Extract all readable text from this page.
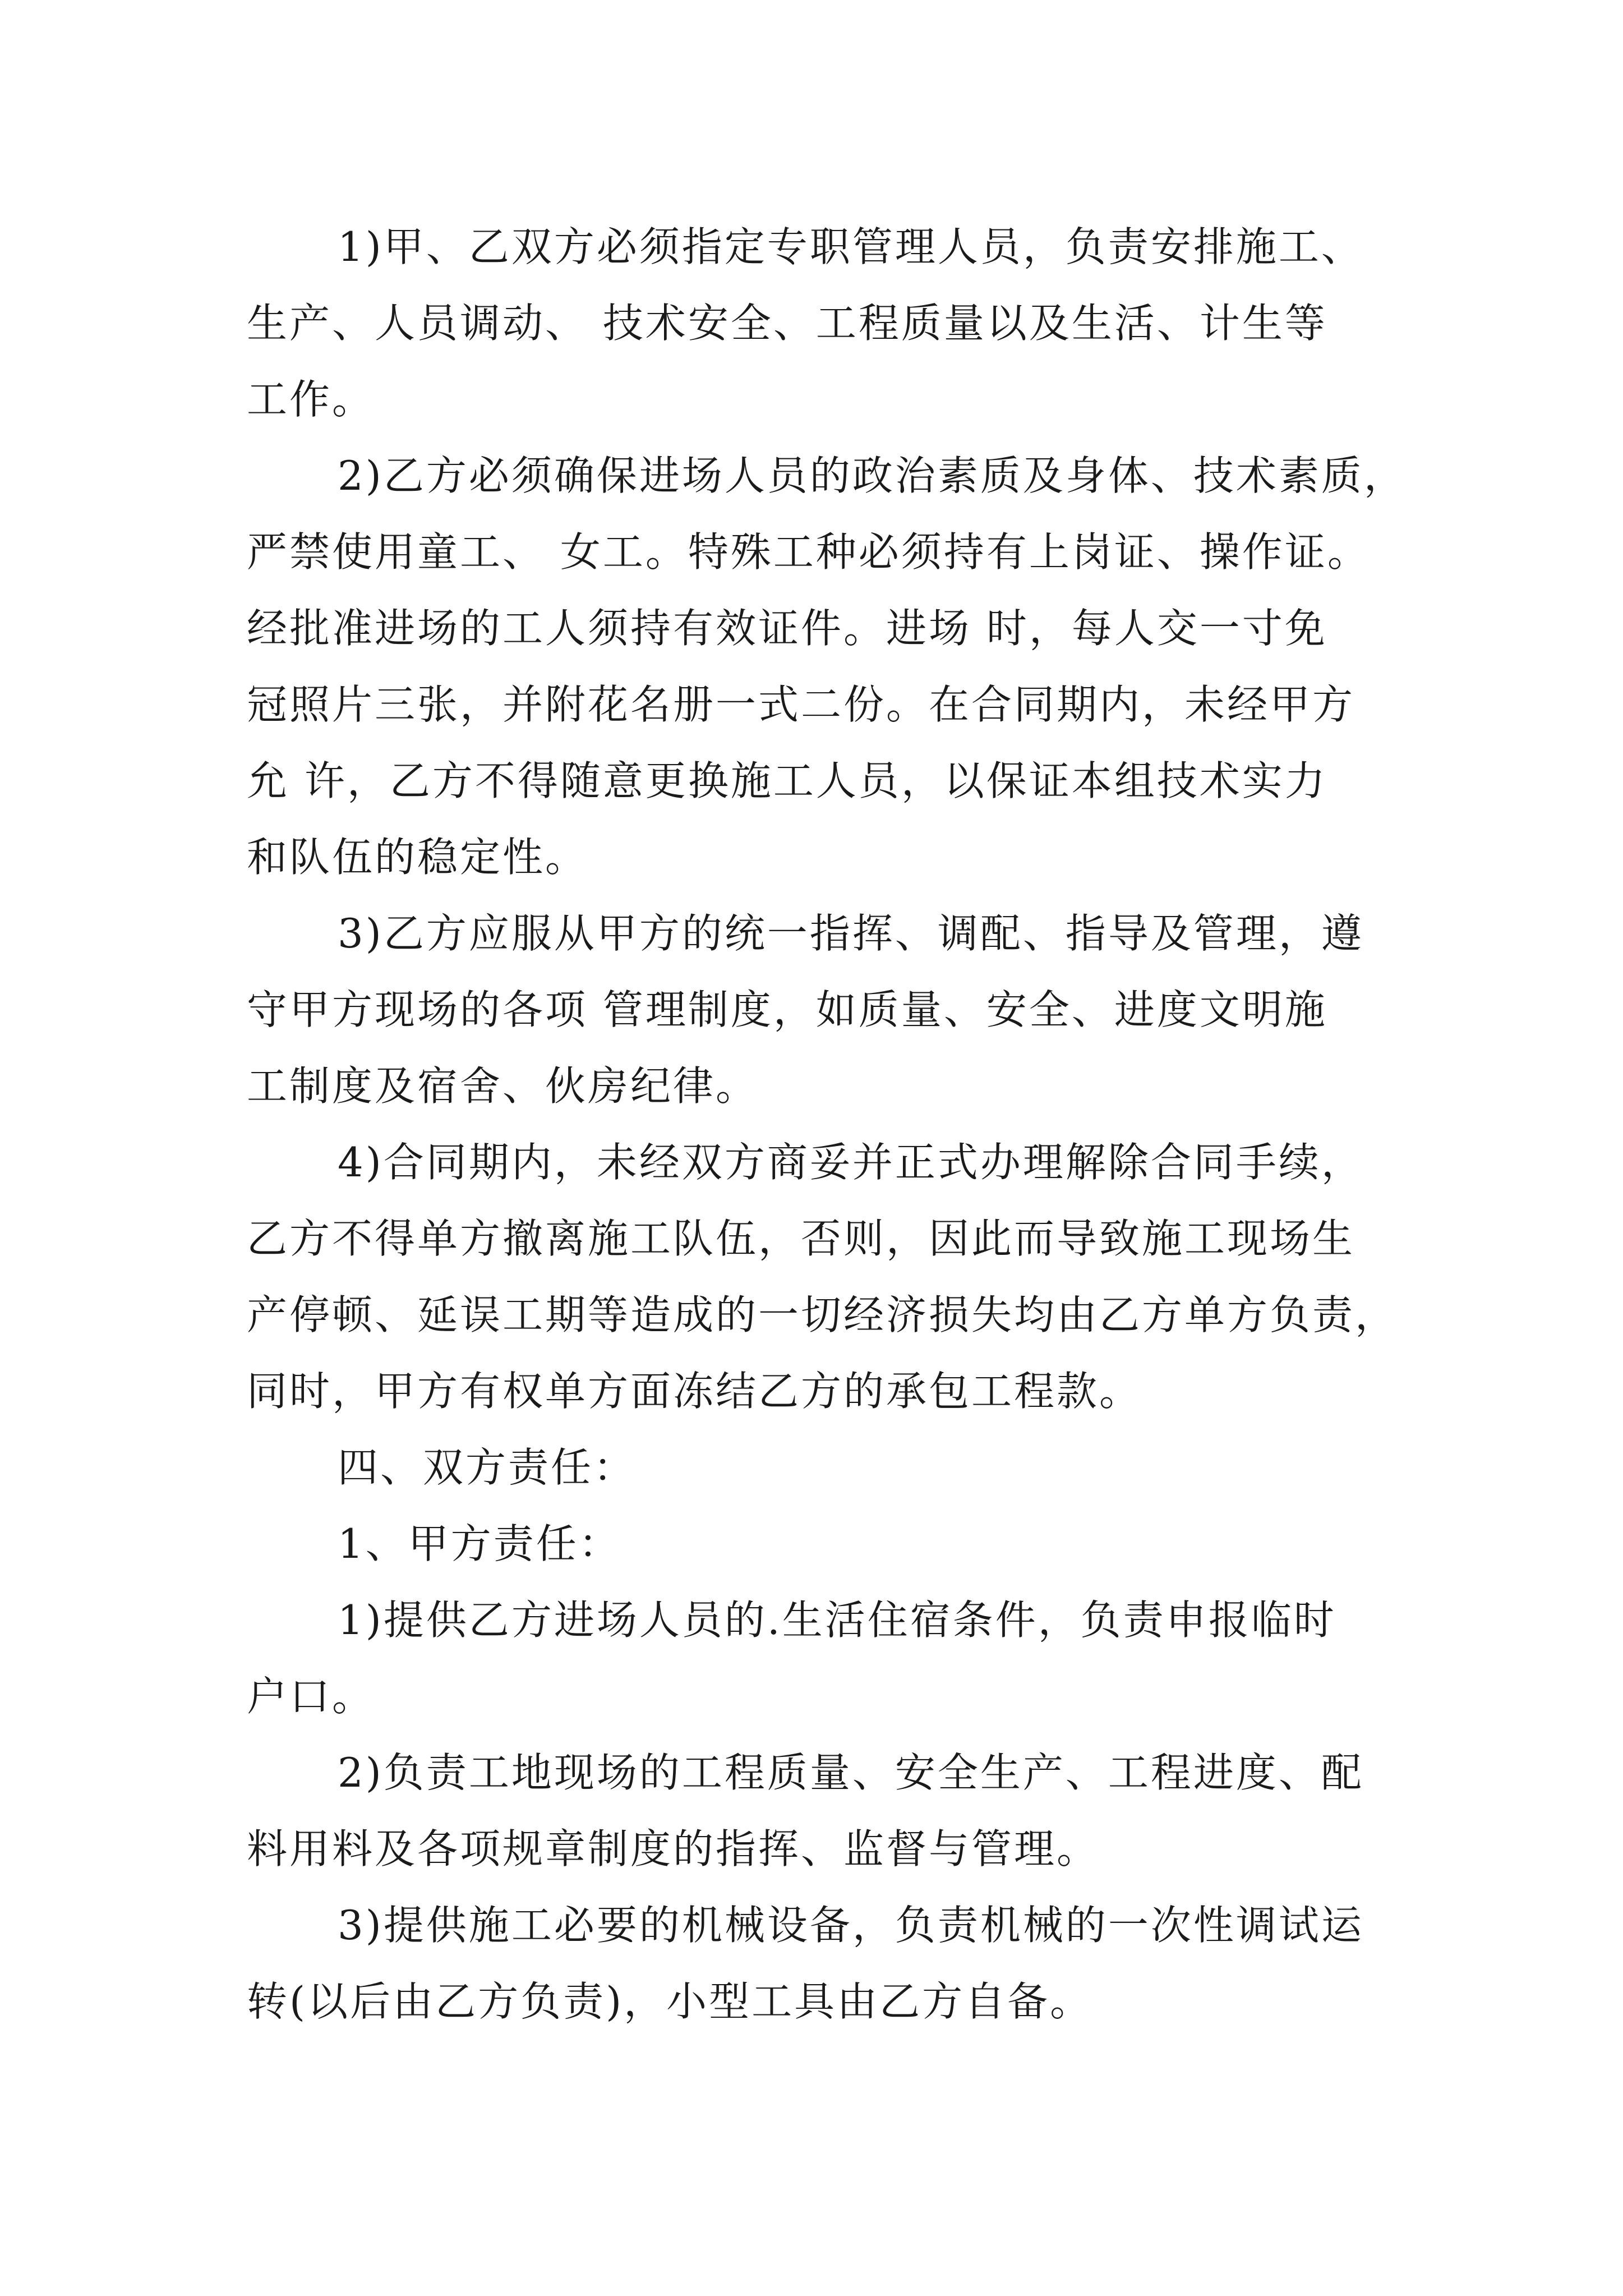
1)甲、乙双方必须指定专职管理人员，负责安排施工、
生产、人员调动、 技术安全、工程质量以及生活、计生等
工作。
2)乙方必须确保进场人员的政治素质及身体、技术素质，
严禁使用童工、 女工。特殊工种必须持有上岗证、操作证。
经批准进场的工人须持有效证件。进场 时，每人交一寸免
冠照片三张，并附花名册一式二份。在合同期内，未经甲方
允 许，乙方不得随意更换施工人员，以保证本组技术实力
和队伍的稳定性。
3)乙方应服从甲方的统一指挥、调配、指导及管理，遵
守甲方现场的各项 管理制度，如质量、安全、进度文明施
工制度及宿舍、伙房纪律。
4)合同期内，未经双方商妥并正式办理解除合同手续，
乙方不得单方撤离施工队伍，否则，因此而导致施工现场生
产停顿、延误工期等造成的一切经济损失均由乙方单方负责，
同时，甲方有权单方面冻结乙方的承包工程款。
四、双方责任：
1、甲方责任：
1)提供乙方进场人员的.生活住宿条件，负责申报临时
户口。
2)负责工地现场的工程质量、安全生产、工程进度、配
料用料及各项规章制度的指挥、监督与管理。
3)提供施工必要的机械设备，负责机械的一次性调试运
转(以后由乙方负责)，小型工具由乙方自备。
